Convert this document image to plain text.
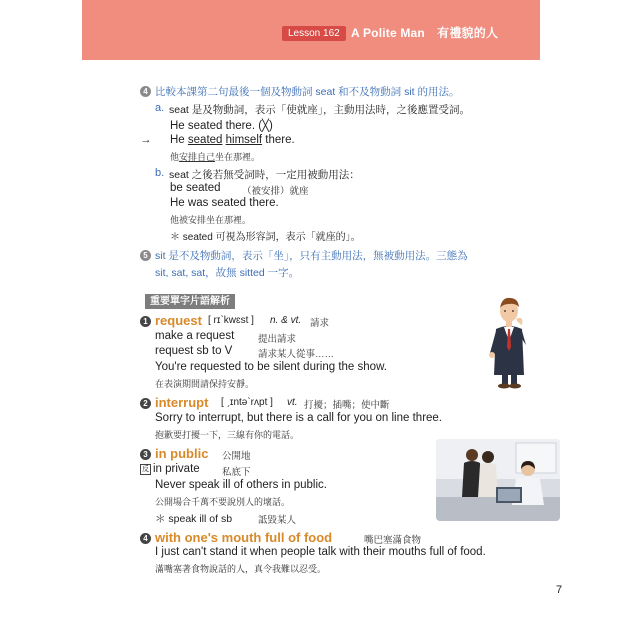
Lesson 162 A Polite Man　有禮貌的人
4 比較本課第二句最後一個及物動詞 seat 和不及物動詞 sit 的用法。
a. seat 是及物動詞，表示「使就座」，主動用法時，之後應置受詞。
He seated there. (╳)
→ He seated himself there.
他安排自己坐在那裡。
b. seat 之後若無受詞時，一定用被動用法：
be seated （被安排）就座
He was seated there.
他被安排坐在那裡。
＊ seated 可視為形容詞，表示「就座的」。
5 sit 是不及物動詞，表示「坐」，只有主動用法，無被動用法。三態為
sit, sat, sat，故無 sitted 一字。
重要單字片語解析
1 request [ rɪˋkwɛst ] n. & vt. 請求
make a request 提出請求
request sb to V	請求某人從事……
You're requested to be silent during the show.
在表演期間請保持安靜。
2 interrupt [ ˏɪntəˋrʌpt ] vt. 打擾；插嘴；使中斷
Sorry to interrupt, but there is a call for you on line three.
抱歉要打擾一下，三線有你的電話。
3 in public 公開地
反 in private 私底下
Never speak ill of others in public.
公開場合千萬不要說別人的壞話。
＊ speak ill of sb	詆毀某人
4 with one's mouth full of food	嘴巴塞滿食物
I just can't stand it when people talk with their mouths full of food.
滿嘴塞著食物說話的人，真令我難以忍受。
7
